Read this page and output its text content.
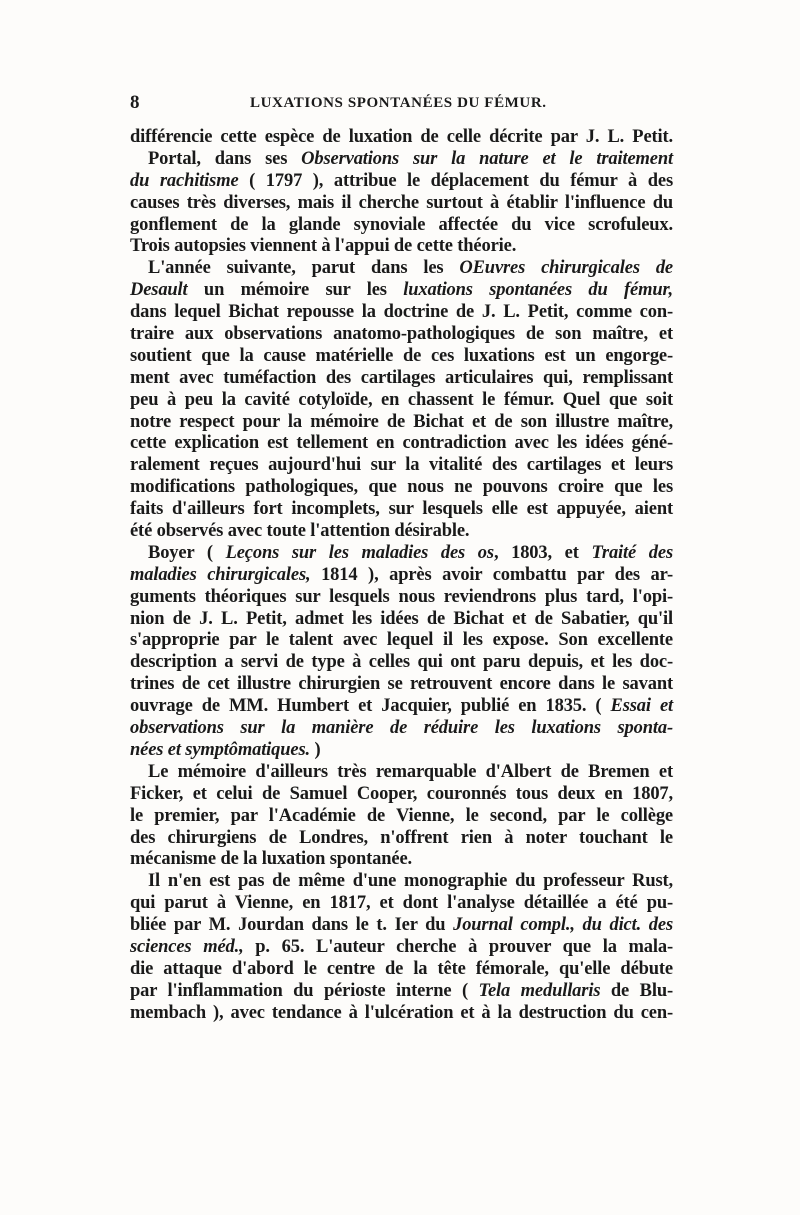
8	LUXATIONS SPONTANÉES DU FÉMUR.
différencie cette espèce de luxation de celle décrite par J. L. Petit.
Portal, dans ses Observations sur la nature et le traitement
du rachitisme ( 1797 ), attribue le déplacement du fémur à des
causes très diverses, mais il cherche surtout à établir l'influence du
gonflement de la glande synoviale affectée du vice scrofuleux.
Trois autopsies viennent à l'appui de cette théorie.
L'année suivante, parut dans les OEuvres chirurgicales de
Desault un mémoire sur les luxations spontanées du fémur,
dans lequel Bichat repousse la doctrine de J. L. Petit, comme con-
traire aux observations anatomo-pathologiques de son maître, et
soutient que la cause matérielle de ces luxations est un engorge-
ment avec tuméfaction des cartilages articulaires qui, remplissant
peu à peu la cavité cotyloïde, en chassent le fémur. Quel que soit
notre respect pour la mémoire de Bichat et de son illustre maître,
cette explication est tellement en contradiction avec les idées géné-
ralement reçues aujourd'hui sur la vitalité des cartilages et leurs
modifications pathologiques, que nous ne pouvons croire que les
faits d'ailleurs fort incomplets, sur lesquels elle est appuyée, aient
été observés avec toute l'attention désirable.
Boyer ( Leçons sur les maladies des os, 1803, et Traité des
maladies chirurgicales, 1814 ), après avoir combattu par des ar-
guments théoriques sur lesquels nous reviendrons plus tard, l'opi-
nion de J. L. Petit, admet les idées de Bichat et de Sabatier, qu'il
s'approprie par le talent avec lequel il les expose. Son excellente
description a servi de type à celles qui ont paru depuis, et les doc-
trines de cet illustre chirurgien se retrouvent encore dans le savant
ouvrage de MM. Humbert et Jacquier, publié en 1835. ( Essai et
observations sur la manière de réduire les luxations sponta-
nées et symptômatiques. )
Le mémoire d'ailleurs très remarquable d'Albert de Bremen et
Ficker, et celui de Samuel Cooper, couronnés tous deux en 1807,
le premier, par l'Académie de Vienne, le second, par le collège
des chirurgiens de Londres, n'offrent rien à noter touchant le
mécanisme de la luxation spontanée.
Il n'en est pas de même d'une monographie du professeur Rust,
qui parut à Vienne, en 1817, et dont l'analyse détaillée a été pu-
bliée par M. Jourdan dans le t. Ier du Journal compl., du dict. des
sciences méd., p. 65. L'auteur cherche à prouver que la mala-
die attaque d'abord le centre de la tête fémorale, qu'elle débute
par l'inflammation du périoste interne ( Tela medullaris de Blu-
membach ), avec tendance à l'ulcération et à la destruction du cen-
